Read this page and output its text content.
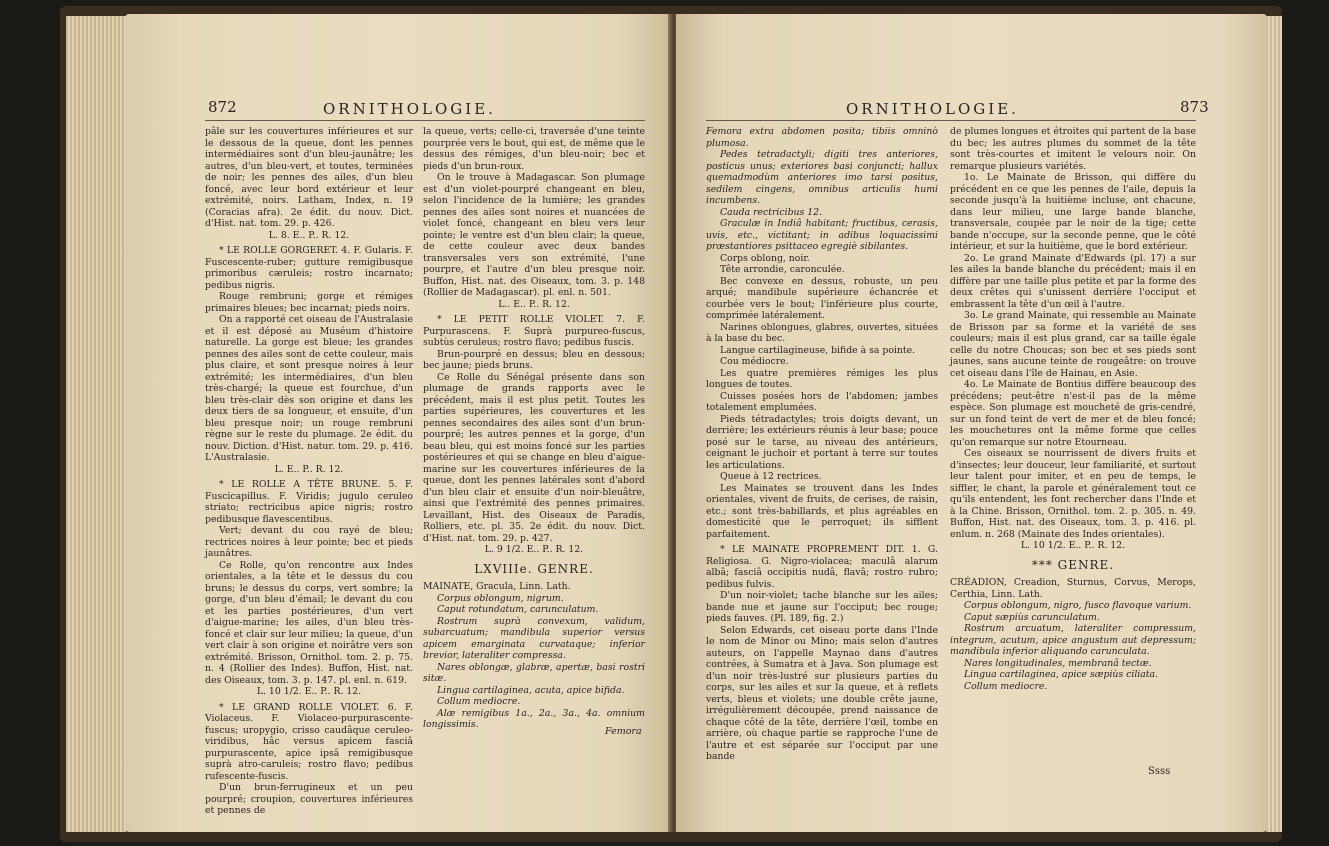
872	ORNITHOLOGIE.

pâle sur les couvertures inférieures et sur le dessous de la queue, dont les pennes intermédiaires sont d'un bleu-jaunâtre; les autres, d'un bleu-vert, et toutes, terminées de noir; les pennes des ailes, d'un bleu foncé, avec leur bord extérieur et leur extrémité, noirs. Latham, Index, n. 19 (Coracias afra). 2e édit. du nouv. Dict. d'Hist. nat. tom. 29. p. 426.

L. 8. E.. P.. R. 12.

* LE ROLLE GORGERET. 4. F. Gularis. F. Fuscescente-ruber; gutture remigibusque primoribus cæruleis; rostro incarnato; pedibus nigris.

Rouge rembruni; gorge et rémiges primaires bleues; bec incarnat; pieds noirs.

On a rapporté cet oiseau de l'Australasie et il est déposé au Muséum d'histoire naturelle. La gorge est bleue; les grandes pennes des ailes sont de cette couleur, mais plus claire, et sont presque noires à leur extrémité; les intermédiaires, d'un bleu très-chargé; la queue est fourchue, d'un bleu très-clair dès son origine et dans les deux tiers de sa longueur, et ensuite, d'un bleu presque noir; un rouge rembruni règne sur le reste du plumage. 2e édit. du nouv. Diction. d'Hist. natur. tom. 29. p. 416. L'Australasie.

L. E.. P.. R. 12.

* LE ROLLE A TÊTE BRUNE. 5. F. Fuscicapillus. F. Viridis; jugulo ceruleo striato; rectricibus apice nigris; rostro pedibusque flavescentibus.

Vert; devant du cou rayé de bleu; rectrices noires à leur pointe; bec et pieds jaunâtres.

Ce Rolle, qu'on rencontre aux Indes orientales, a la tête et le dessus du cou bruns; le dessus du corps, vert sombre; la gorge, d'un bleu d'émail; le devant du cou et les parties postérieures, d'un vert d'aigue-marine; les ailes, d'un bleu très-foncé et clair sur leur milieu; la queue, d'un vert clair à son origine et noirâtre vers son extrémité. Brisson, Ornithol. tom. 2. p. 75. n. 4 (Rollier des Indes). Buffon, Hist. nat. des Oiseaux, tom. 3. p. 147. pl. enl. n. 619.

L. 10 1/2. E.. P.. R. 12.

* LE GRAND ROLLE VIOLET. 6. F. Violaceus. F. Violaceo-purpurascente-fuscus; uropygio, crisso caudâque ceruleo-viridibus, hâc versus apicem fasciâ purpurascente, apice ipsâ remigibusque suprà atro-caruleis; rostro flavo; pedibus rufescente-fuscis.

D'un brun-ferrugineux et un peu pourpré; croupion, couvertures inférieures et pennes de

la queue, verts; celle-ci, traversée d'une teinte pourprée vers le bout, qui est, de même que le dessus des rémiges, d'un bleu-noir; bec et pieds d'un brun-roux.

On le trouve à Madagascar. Son plumage est d'un violet-pourpré changeant en bleu, selon l'incidence de la lumière; les grandes pennes des ailes sont noires et nuancées de violet foncé, changeant en bleu vers leur pointe; le ventre est d'un bleu clair; la queue, de cette couleur avec deux bandes transversales vers son extrémité, l'une pourpre, et l'autre d'un bleu presque noir. Buffon, Hist. nat. des Oiseaux, tom. 3. p. 148 (Rollier de Madagascar). pl. enl. n. 501.

L.. E.. P.. R. 12.

* LE PETIT ROLLE VIOLET. 7. F. Purpurascens. F. Suprà purpureo-fuscus, subtùs ceruleus; rostro flavo; pedibus fuscis.

Brun-pourpré en dessus; bleu en dessous; bec jaune; pieds bruns.

Ce Rolle du Sénégal présente dans son plumage de grands rapports avec le précédent, mais il est plus petit. Toutes les parties supérieures, les couvertures et les pennes secondaires des ailes sont d'un brun-pourpré; les autres pennes et la gorge, d'un beau bleu, qui est moins foncé sur les parties postérieures et qui se change en bleu d'aigue-marine sur les couvertures inférieures de la queue, dont les pennes latérales sont d'abord d'un bleu clair et ensuite d'un noir-bleuâtre, ainsi que l'extrémité des pennes primaires. Levaillant, Hist. des Oiseaux de Paradis, Rolliers, etc. pl. 35. 2e édit. du nouv. Dict. d'Hist. nat. tom. 29. p. 427.

L. 9 1/2. E.. P.. R. 12.

LXVIIIe. GENRE.

MAINATE, Gracula, Linn. Lath.

Corpus oblongum, nigrum.

Caput rotundatum, carunculatum.

Rostrum suprà convexum, validum, subarcuatum; mandibula superior versus apicem emarginata curvataque; inferior brevior, lateraliter compressa.

Nares oblongæ, glabræ, apertæ, basi rostri sitæ.

Lingua cartilaginea, acuta, apice bifida.

Collum mediocre.

Alæ remigibus 1a., 2a., 3a., 4a. omnium longissimis.

Femora
ORNITHOLOGIE.	873

Femora extra abdomen posita; tibiis omninò plumosa.

Pedes tetradactyli; digiti tres anteriores, posticus unus; exteriores basi conjuncti; hallux quemadmodùm anteriores imo tarsi positus, sedilem cingens, omnibus articulis humi incumbens.

Cauda rectricibus 12.

Graculæ in Indiâ habitant; fructibus, cerasis, uvis, etc., victitant; in adibus loquacissimi præstantiores psittaceo egregiè sibilantes.

Corps oblong, noir.

Tête arrondie, caronculée.

Bec convexe en dessus, robuste, un peu arqué; mandibule supérieure échancrée et courbée vers le bout; l'inférieure plus courte, comprimée latéralement.

Narines oblongues, glabres, ouvertes, situées à la base du bec.

Langue cartilagineuse, bifide à sa pointe.

Cou médiocre.

Les quatre premières rémiges les plus longues de toutes.

Cuisses posées hors de l'abdomen; jambes totalement emplumées.

Pieds tétradactyles; trois doigts devant, un derrière; les extérieurs réunis à leur base; pouce posé sur le tarse, au niveau des antérieurs, ceignant le juchoir et portant à terre sur toutes les articulations.

Queue à 12 rectrices.

Les Mainates se trouvent dans les Indes orientales, vivent de fruits, de cerises, de raisin, etc.; sont très-babillards, et plus agréables en domesticité que le perroquet; ils sifflent parfaitement.

* LE MAINATE PROPREMENT DIT. 1. G. Religiosa. G. Nigro-violacea; maculâ alarum albâ; fasciâ occipitis nudâ, flavâ; rostro rubro; pedibus fulvis.

D'un noir-violet; tache blanche sur les ailes; bande nue et jaune sur l'occiput; bec rouge; pieds fauves. (Pl. 189, fig. 2.)

Selon Edwards, cet oiseau porte dans l'Inde le nom de Minor ou Mino; mais selon d'autres auteurs, on l'appelle Maynao dans d'autres contrées, à Sumatra et à Java. Son plumage est d'un noir très-lustré sur plusieurs parties du corps, sur les ailes et sur la queue, et à reflets verts, bleus et violets; une double crête jaune, irrégulièrement découpée, prend naissance de chaque côté de la tête, derrière l'œil, tombe en arrière, où chaque partie se rapproche l'une de l'autre et est séparée sur l'occiput par une bande

de plumes longues et étroites qui partent de la base du bec; les autres plumes du sommet de la tête sont très-courtes et imitent le velours noir. On remarque plusieurs variétés.

1o. Le Mainate de Brisson, qui diffère du précédent en ce que les pennes de l'aile, depuis la seconde jusqu'à la huitième incluse, ont chacune, dans leur milieu, une large bande blanche, transversale, coupée par le noir de la tige; cette bande n'occupe, sur la seconde penne, que le côté intérieur, et sur la huitième, que le bord extérieur.

2o. Le grand Mainate d'Edwards (pl. 17) a sur les ailes la bande blanche du précédent; mais il en diffère par une taille plus petite et par la forme des deux crêtes qui s'unissent derrière l'occiput et embrassent la tête d'un œil à l'autre.

3o. Le grand Mainate, qui ressemble au Mainate de Brisson par sa forme et la variété de ses couleurs; mais il est plus grand, car sa taille égale celle du notre Choucas; son bec et ses pieds sont jaunes, sans aucune teinte de rougeâtre: on trouve cet oiseau dans l'île de Hainau, en Asie.

4o. Le Mainate de Bontius diffère beaucoup des précédens; peut-être n'est-il pas de la même espèce. Son plumage est moucheté de gris-cendré, sur un fond teint de vert de mer et de bleu foncé; les mouchetures ont la même forme que celles qu'on remarque sur notre Etourneau.

Ces oiseaux se nourrissent de divers fruits et d'insectes; leur douceur, leur familiarité, et surtout leur talent pour imiter, et en peu de temps, le siffler, le chant, la parole et généralement tout ce qu'ils entendent, les font rechercher dans l'Inde et à la Chine. Brisson, Ornithol. tom. 2. p. 305. n. 49. Buffon, Hist. nat. des Oiseaux, tom. 3. p. 416. pl. enlum. n. 268 (Mainate des Indes orientales).

L. 10 1/2. E.. P.. R. 12.

*** GENRE.

CRÉADION, Creadion, Sturnus, Corvus, Merops, Certhia, Linn. Lath.

Corpus oblongum, nigro, fusco flavoque varium.

Caput sæpiùs carunculatum.

Rostrum arcuatum, lateraliter compressum, integrum, acutum, apice angustum aut depressum; mandibula inferior aliquando carunculata.

Nares longitudinales, membranâ tectæ.

Lingua cartilaginea, apice sæpiùs ciliata.

Collum mediocre.

Ssss
